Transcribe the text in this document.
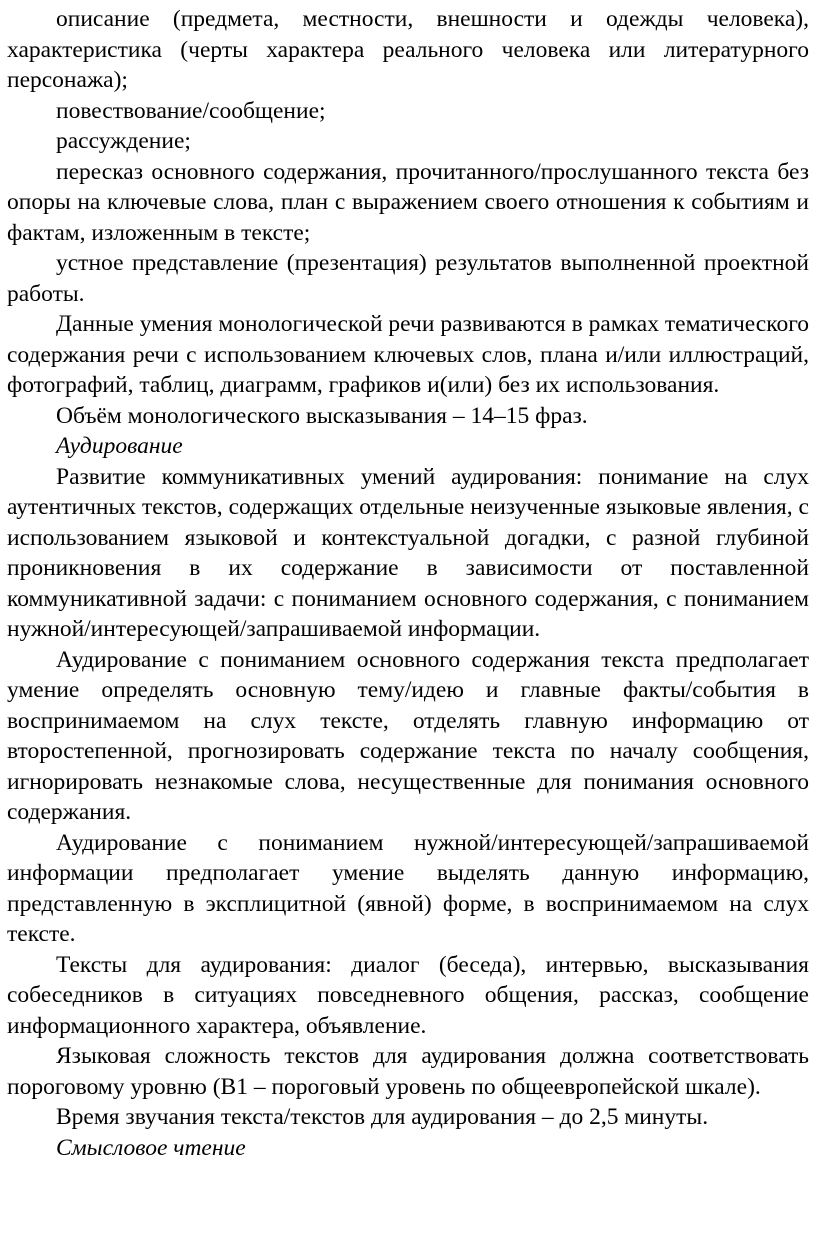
описание (предмета, местности, внешности и одежды человека), характеристика (черты характера реального человека или литературного персонажа);

повествование/сообщение;

рассуждение;

пересказ основного содержания, прочитанного/прослушанного текста без опоры на ключевые слова, план с выражением своего отношения к событиям и фактам, изложенным в тексте;

устное представление (презентация) результатов выполненной проектной работы.

Данные умения монологической речи развиваются в рамках тематического содержания речи с использованием ключевых слов, плана и/или иллюстраций, фотографий, таблиц, диаграмм, графиков и(или) без их использования.

Объём монологического высказывания – 14–15 фраз.

Аудирование

Развитие коммуникативных умений аудирования: понимание на слух аутентичных текстов, содержащих отдельные неизученные языковые явления, с использованием языковой и контекстуальной догадки, с разной глубиной проникновения в их содержание в зависимости от поставленной коммуникативной задачи: с пониманием основного содержания, с пониманием нужной/интересующей/запрашиваемой информации.

Аудирование с пониманием основного содержания текста предполагает умение определять основную тему/идею и главные факты/события в воспринимаемом на слух тексте, отделять главную информацию от второстепенной, прогнозировать содержание текста по началу сообщения, игнорировать незнакомые слова, несущественные для понимания основного содержания.

Аудирование с пониманием нужной/интересующей/запрашиваемой информации предполагает умение выделять данную информацию, представленную в эксплицитной (явной) форме, в воспринимаемом на слух тексте.

Тексты для аудирования: диалог (беседа), интервью, высказывания собеседников в ситуациях повседневного общения, рассказ, сообщение информационного характера, объявление.

Языковая сложность текстов для аудирования должна соответствовать пороговому уровню (В1 – пороговый уровень по общеевропейской шкале).

Время звучания текста/текстов для аудирования – до 2,5 минуты.

Смысловое чтение
